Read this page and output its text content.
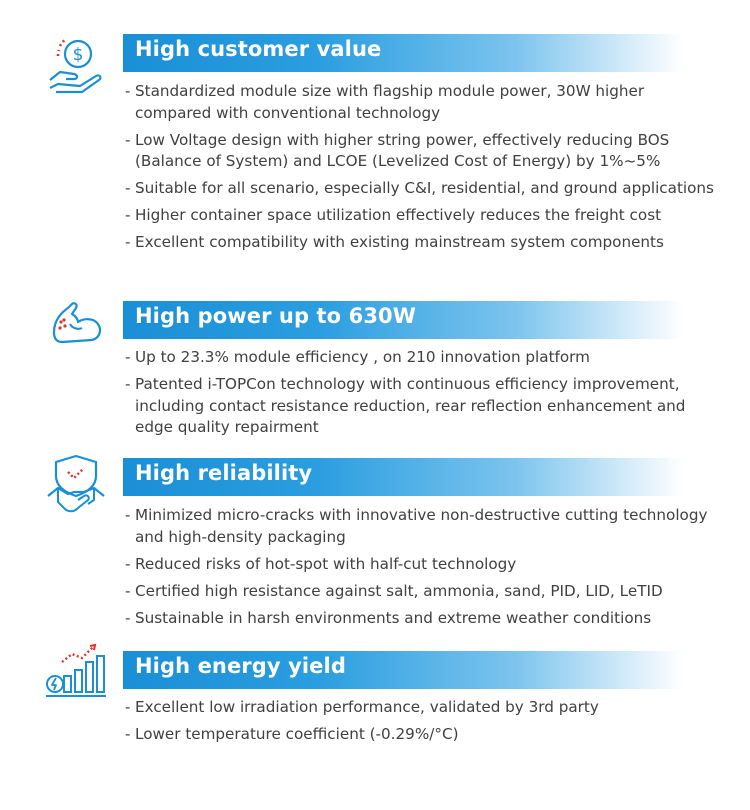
$ High customer value
- Standardized module size with flagship module power, 30W higher compared with conventional technology
- Low Voltage design with higher string power, effectively reducing BOS (Balance of System) and LCOE (Levelized Cost of Energy) by 1%~5%
- Suitable for all scenario, especially C&I, residential, and ground applications
- Higher container space utilization effectively reduces the freight cost
- Excellent compatibility with existing mainstream system components
High power up to 630W
- Up to 23.3% module efficiency , on 210 innovation platform
- Patented i-TOPCon technology with continuous efficiency improvement, including contact resistance reduction, rear reflection enhancement and edge quality repairment
High reliability
- Minimized micro-cracks with innovative non-destructive cutting technology and high-density packaging
- Reduced risks of hot-spot with half-cut technology
- Certified high resistance against salt, ammonia, sand, PID, LID, LeTID
- Sustainable in harsh environments and extreme weather conditions
High energy yield
- Excellent low irradiation performance, validated by 3rd party
- Lower temperature coefficient (-0.29%/°C)
